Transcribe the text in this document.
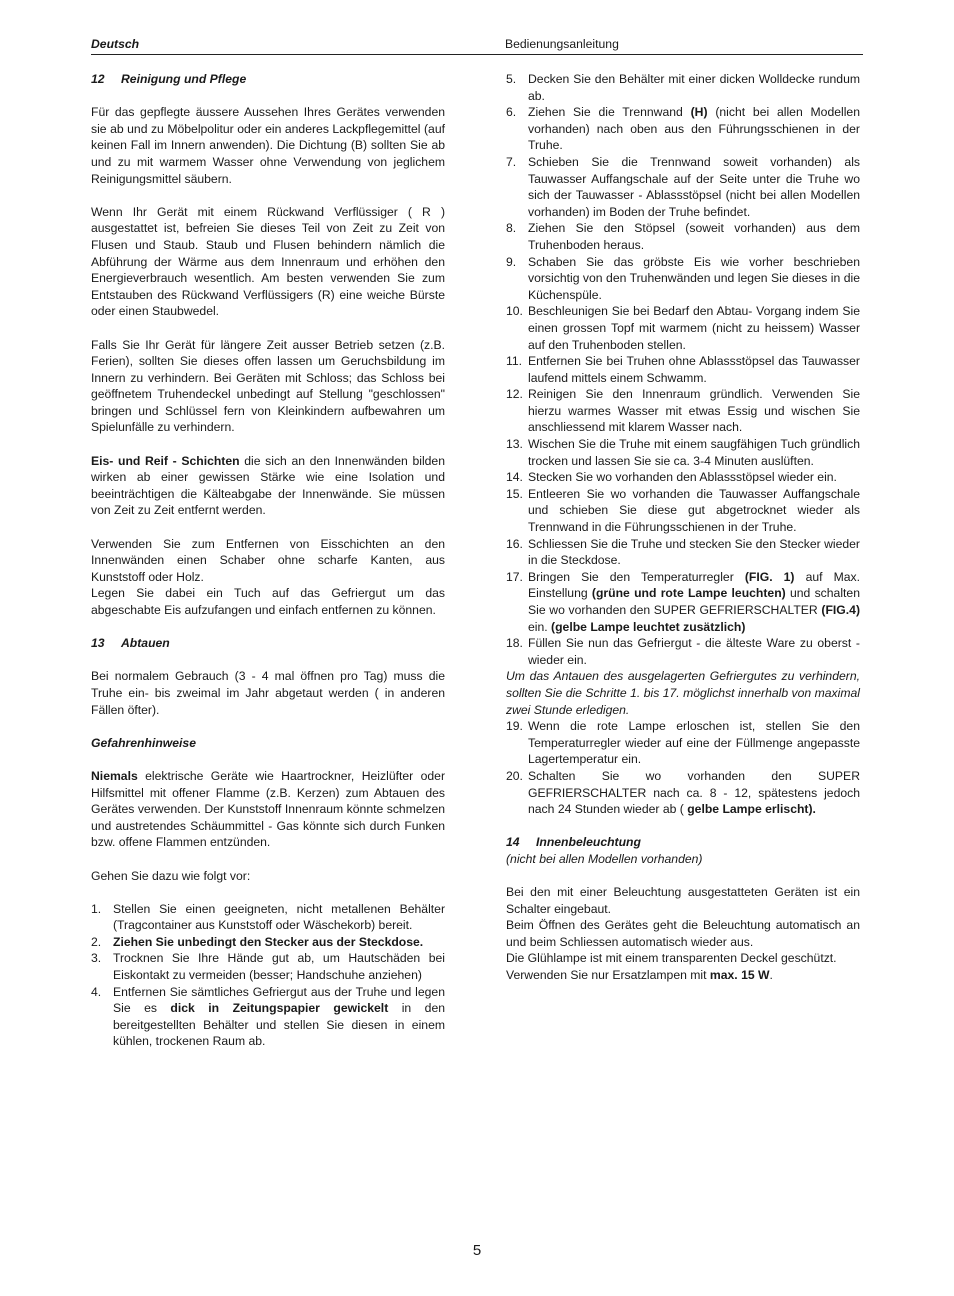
Deutsch	Bedienungsanleitung

12 Reinigung und Pflege

Für das gepflegte äussere Aussehen Ihres Gerätes verwenden sie ab und zu Möbelpolitur oder ein anderes Lackpflegemittel (auf keinen Fall im Innern anwenden). Die Dichtung (B) sollten Sie ab und zu mit warmem Wasser ohne Verwendung von jeglichem Reinigungsmittel säubern.

Wenn Ihr Gerät mit einem Rückwand Verflüssiger ( R ) ausgestattet ist, befreien Sie dieses Teil von Zeit zu Zeit von Flusen und Staub. Staub und Flusen behindern nämlich die Abführung der Wärme aus dem Innenraum und erhöhen den Energieverbrauch wesentlich. Am besten verwenden Sie zum Entstauben des Rückwand Verflüssigers (R) eine weiche Bürste oder einen Staubwedel.

Falls Sie Ihr Gerät für längere Zeit ausser Betrieb setzen (z.B. Ferien), sollten Sie dieses offen lassen um Geruchsbildung im Innern zu verhindern. Bei Geräten mit Schloss; das Schloss bei geöffnetem Truhendeckel unbedingt auf Stellung "geschlossen" bringen und Schlüssel fern von Kleinkindern aufbewahren um Spielunfälle zu verhindern.

Eis- und Reif - Schichten die sich an den Innenwänden bilden wirken ab einer gewissen Stärke wie eine Isolation und beeinträchtigen die Kälteabgabe der Innenwände. Sie müssen von Zeit zu Zeit entfernt werden.

Verwenden Sie zum Entfernen von Eisschichten an den Innenwänden einen Schaber ohne scharfe Kanten, aus Kunststoff oder Holz.

Legen Sie dabei ein Tuch auf das Gefriergut um das abgeschabte Eis aufzufangen und einfach entfernen zu können.

13 Abtauen

Bei normalem Gebrauch (3 - 4 mal öffnen pro Tag) muss die Truhe ein- bis zweimal im Jahr abgetaut werden ( in anderen Fällen öfter).

Gefahrenhinweise

Niemals elektrische Geräte wie Haartrockner, Heizlüfter oder Hilfsmittel mit offener Flamme (z.B. Kerzen) zum Abtauen des Gerätes verwenden. Der Kunststoff Innenraum könnte schmelzen und austretendes Schäummittel - Gas könnte sich durch Funken bzw. offene Flammen entzünden.

Gehen Sie dazu wie folgt vor:

1. Stellen Sie einen geeigneten, nicht metallenen Behälter (Tragcontainer aus Kunststoff oder Wäschekorb) bereit.
2. Ziehen Sie unbedingt den Stecker aus der Steckdose.
3. Trocknen Sie Ihre Hände gut ab, um Hautschäden bei Eiskontakt zu vermeiden (besser; Handschuhe anziehen)
4. Entfernen Sie sämtliches Gefriergut aus der Truhe und legen Sie es dick in Zeitungspapier gewickelt in den bereitgestellten Behälter und stellen Sie diesen in einem kühlen, trockenen Raum ab.
5. Decken Sie den Behälter mit einer dicken Wolldecke rundum ab.
6. Ziehen Sie die Trennwand (H) (nicht bei allen Modellen vorhanden) nach oben aus den Führungsschienen in der Truhe.
7. Schieben Sie die Trennwand soweit vorhanden) als Tauwasser Auffangschale auf der Seite unter die Truhe wo sich der Tauwasser - Ablassstöpsel (nicht bei allen Modellen vorhanden) im Boden der Truhe befindet.
8. Ziehen Sie den Stöpsel (soweit vorhanden) aus dem Truhenboden heraus.
9. Schaben Sie das gröbste Eis wie vorher beschrieben vorsichtig von den Truhenwänden und legen Sie dieses in die Küchenspüle.
10. Beschleunigen Sie bei Bedarf den Abtau- Vorgang indem Sie einen grossen Topf mit warmem (nicht zu heissem) Wasser auf den Truhenboden stellen.
11. Entfernen Sie bei Truhen ohne Ablassstöpsel das Tauwasser laufend mittels einem Schwamm.
12. Reinigen Sie den Innenraum gründlich. Verwenden Sie hierzu warmes Wasser mit etwas Essig und wischen Sie anschliessend mit klarem Wasser nach.
13. Wischen Sie die Truhe mit einem saugfähigen Tuch gründlich trocken und lassen Sie sie ca. 3-4 Minuten auslüften.
14. Stecken Sie wo vorhanden den Ablassstöpsel wieder ein.
15. Entleeren Sie wo vorhanden die Tauwasser Auffangschale und schieben Sie diese gut abgetrocknet wieder als Trennwand in die Führungsschienen in der Truhe.
16. Schliessen Sie die Truhe und stecken Sie den Stecker wieder in die Steckdose.
17. Bringen Sie den Temperaturregler (FIG. 1) auf Max. Einstellung (grüne und rote Lampe leuchten) und schalten Sie wo vorhanden den SUPER GEFRIERSCHALTER (FIG.4) ein. (gelbe Lampe leuchtet zusätzlich)
18. Füllen Sie nun das Gefriergut - die älteste Ware zu oberst - wieder ein.

Um das Antauen des ausgelagerten Gefriergutes zu verhindern, sollten Sie die Schritte 1. bis 17. möglichst innerhalb von maximal zwei Stunde erledigen.

19. Wenn die rote Lampe erloschen ist, stellen Sie den Temperaturregler wieder auf eine der Füllmenge angepasste Lagertemperatur ein.
20. Schalten Sie wo vorhanden den SUPER GEFRIERSCHALTER nach ca. 8 - 12, spätestens jedoch nach 24 Stunden wieder ab ( gelbe Lampe erlischt).

14 Innenbeleuchtung

(nicht bei allen Modellen vorhanden)

Bei den mit einer Beleuchtung ausgestatteten Geräten ist ein Schalter eingebaut.

Beim Öffnen des Gerätes geht die Beleuchtung automatisch an und beim Schliessen automatisch wieder aus.

Die Glühlampe ist mit einem transparenten Deckel geschützt.

Verwenden Sie nur Ersatzlampen mit max. 15 W.

5
